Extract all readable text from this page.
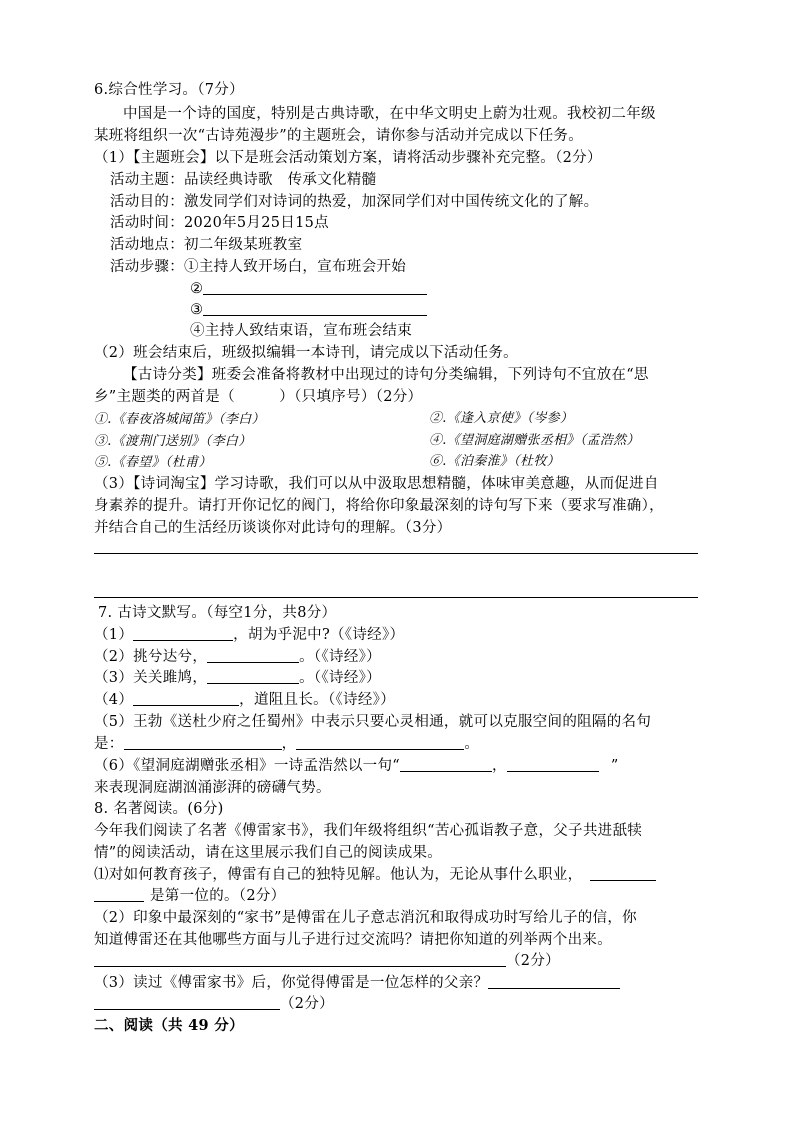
6.综合性学习。（7分）
中国是一个诗的国度，特别是古典诗歌，在中华文明史上蔚为壮观。我校初二年级
某班将组织一次“古诗苑漫步”的主题班会，请你参与活动并完成以下任务。
（1）【主题班会】以下是班会活动策划方案，请将活动步骤补充完整。（2分）
活动主题：品读经典诗歌　传承文化精髓
活动目的：激发同学们对诗词的热爱，加深同学们对中国传统文化的了解。
活动时间：2020年5月25日15点
活动地点：初二年级某班教室
活动步骤：①主持人致开场白，宣布班会开始
②
③
④主持人致结束语，宣布班会结束
（2）班会结束后，班级拟编辑一本诗刊，请完成以下活动任务。
【古诗分类】班委会准备将教材中出现过的诗句分类编辑，下列诗句不宜放在“思
乡”主题类的两首是（　　　）（只填序号）（2分）
①.《春夜洛城闻笛》（李白）	②.《逢入京使》（岑参）
③.《渡荆门送别》（李白）	④.《望洞庭湖赠张丞相》（孟浩然）
⑤.《春望》（杜甫）	⑥.《泊秦淮》（杜牧）
（3）【诗词淘宝】学习诗歌，我们可以从中汲取思想精髓，体味审美意趣，从而促进自
身素养的提升。请打开你记忆的阀门，将给你印象最深刻的诗句写下来（要求写准确），
并结合自己的生活经历谈谈你对此诗句的理解。（3分）
7. 古诗文默写。（每空1分，共8分）
（1）	，胡为乎泥中?（《诗经》）
（2）挑兮达兮，	。（《诗经》）
（3）关关雎鸠，	。（《诗经》）
（4）	，道阻且长。（《诗经》）
（5）王勃《送杜少府之任蜀州》中表示只要心灵相通，就可以克服空间的阻隔的名句
是：	，	。
（6）《望洞庭湖赠张丞相》一诗孟浩然以一句“	，	”
来表现洞庭湖汹涌澎湃的磅礴气势。
8. 名著阅读。(6分)
今年我们阅读了名著《傅雷家书》，我们年级将组织“苦心孤诣教子意，父子共进舐犊
情”的阅读活动，请在这里展示我们自己的阅读成果。
⑴对如何教育孩子，傅雷有自己的独特见解。他认为，无论从事什么职业，
是第一位的。（2分）
（2）印象中最深刻的“家书”是傅雷在儿子意志消沉和取得成功时写给儿子的信，你
知道傅雷还在其他哪些方面与儿子进行过交流吗？请把你知道的列举两个出来。
（2分）
（3）读过《傅雷家书》后，你觉得傅雷是一位怎样的父亲？
（2分）
二、阅读（共 49 分）
